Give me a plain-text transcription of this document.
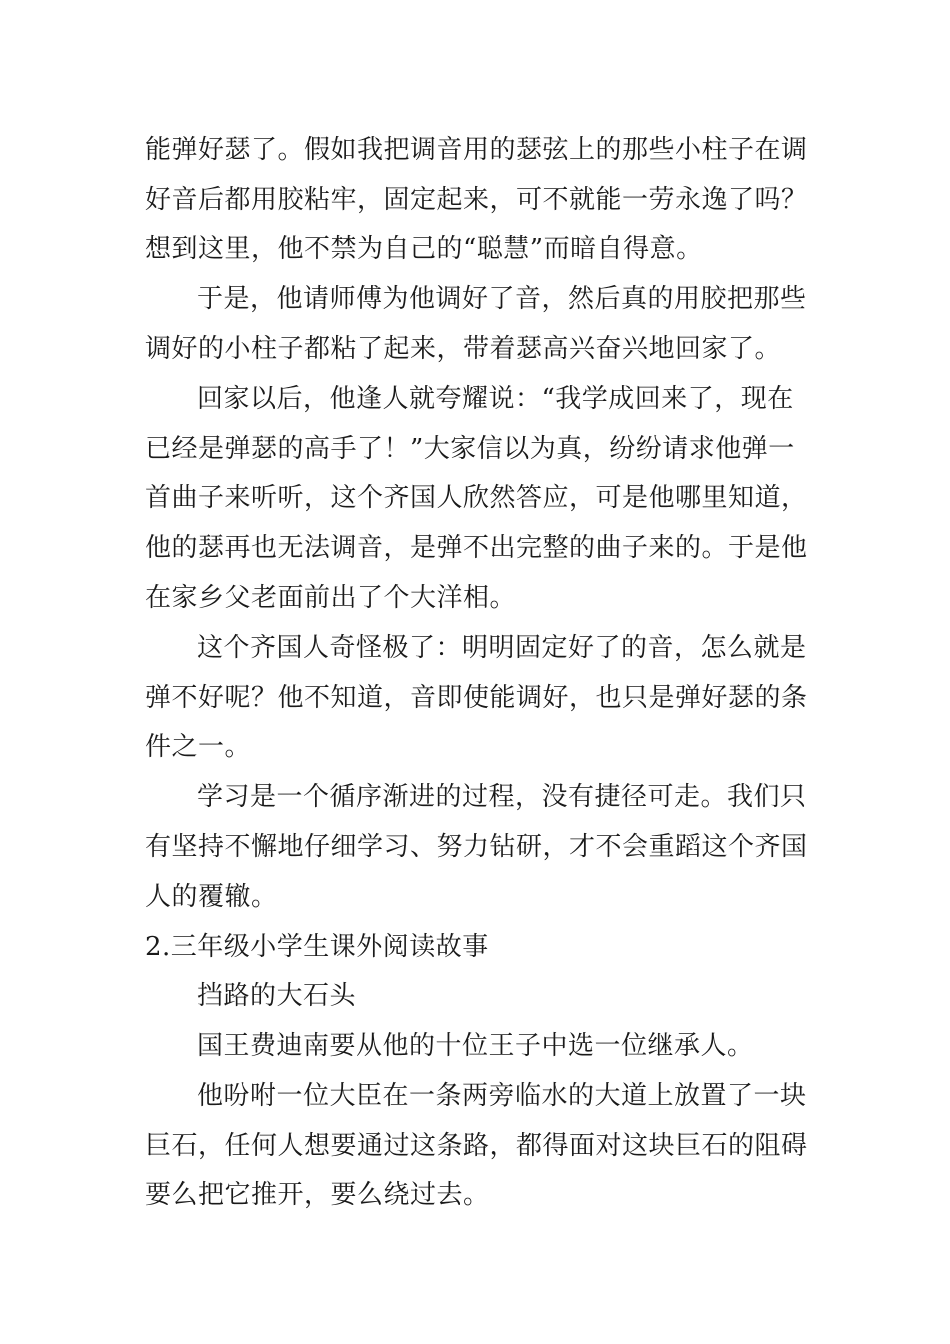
能弹好瑟了。假如我把调音用的瑟弦上的那些小柱子在调
好音后都用胶粘牢，固定起来，可不就能一劳永逸了吗？
想到这里，他不禁为自己的“聪慧”而暗自得意。
于是，他请师傅为他调好了音，然后真的用胶把那些
调好的小柱子都粘了起来，带着瑟高兴奋兴地回家了。
回家以后，他逢人就夸耀说：“我学成回来了，现在
已经是弹瑟的高手了！”大家信以为真，纷纷请求他弹一
首曲子来听听，这个齐国人欣然答应，可是他哪里知道，
他的瑟再也无法调音，是弹不出完整的曲子来的。于是他
在家乡父老面前出了个大洋相。
这个齐国人奇怪极了：明明固定好了的音，怎么就是
弹不好呢？他不知道，音即使能调好，也只是弹好瑟的条
件之一。
学习是一个循序渐进的过程，没有捷径可走。我们只
有坚持不懈地仔细学习、努力钻研，才不会重蹈这个齐国
人的覆辙。
2.三年级小学生课外阅读故事
挡路的大石头
国王费迪南要从他的十位王子中选一位继承人。
他吩咐一位大臣在一条两旁临水的大道上放置了一块
巨石，任何人想要通过这条路，都得面对这块巨石的阻碍
要么把它推开，要么绕过去。
